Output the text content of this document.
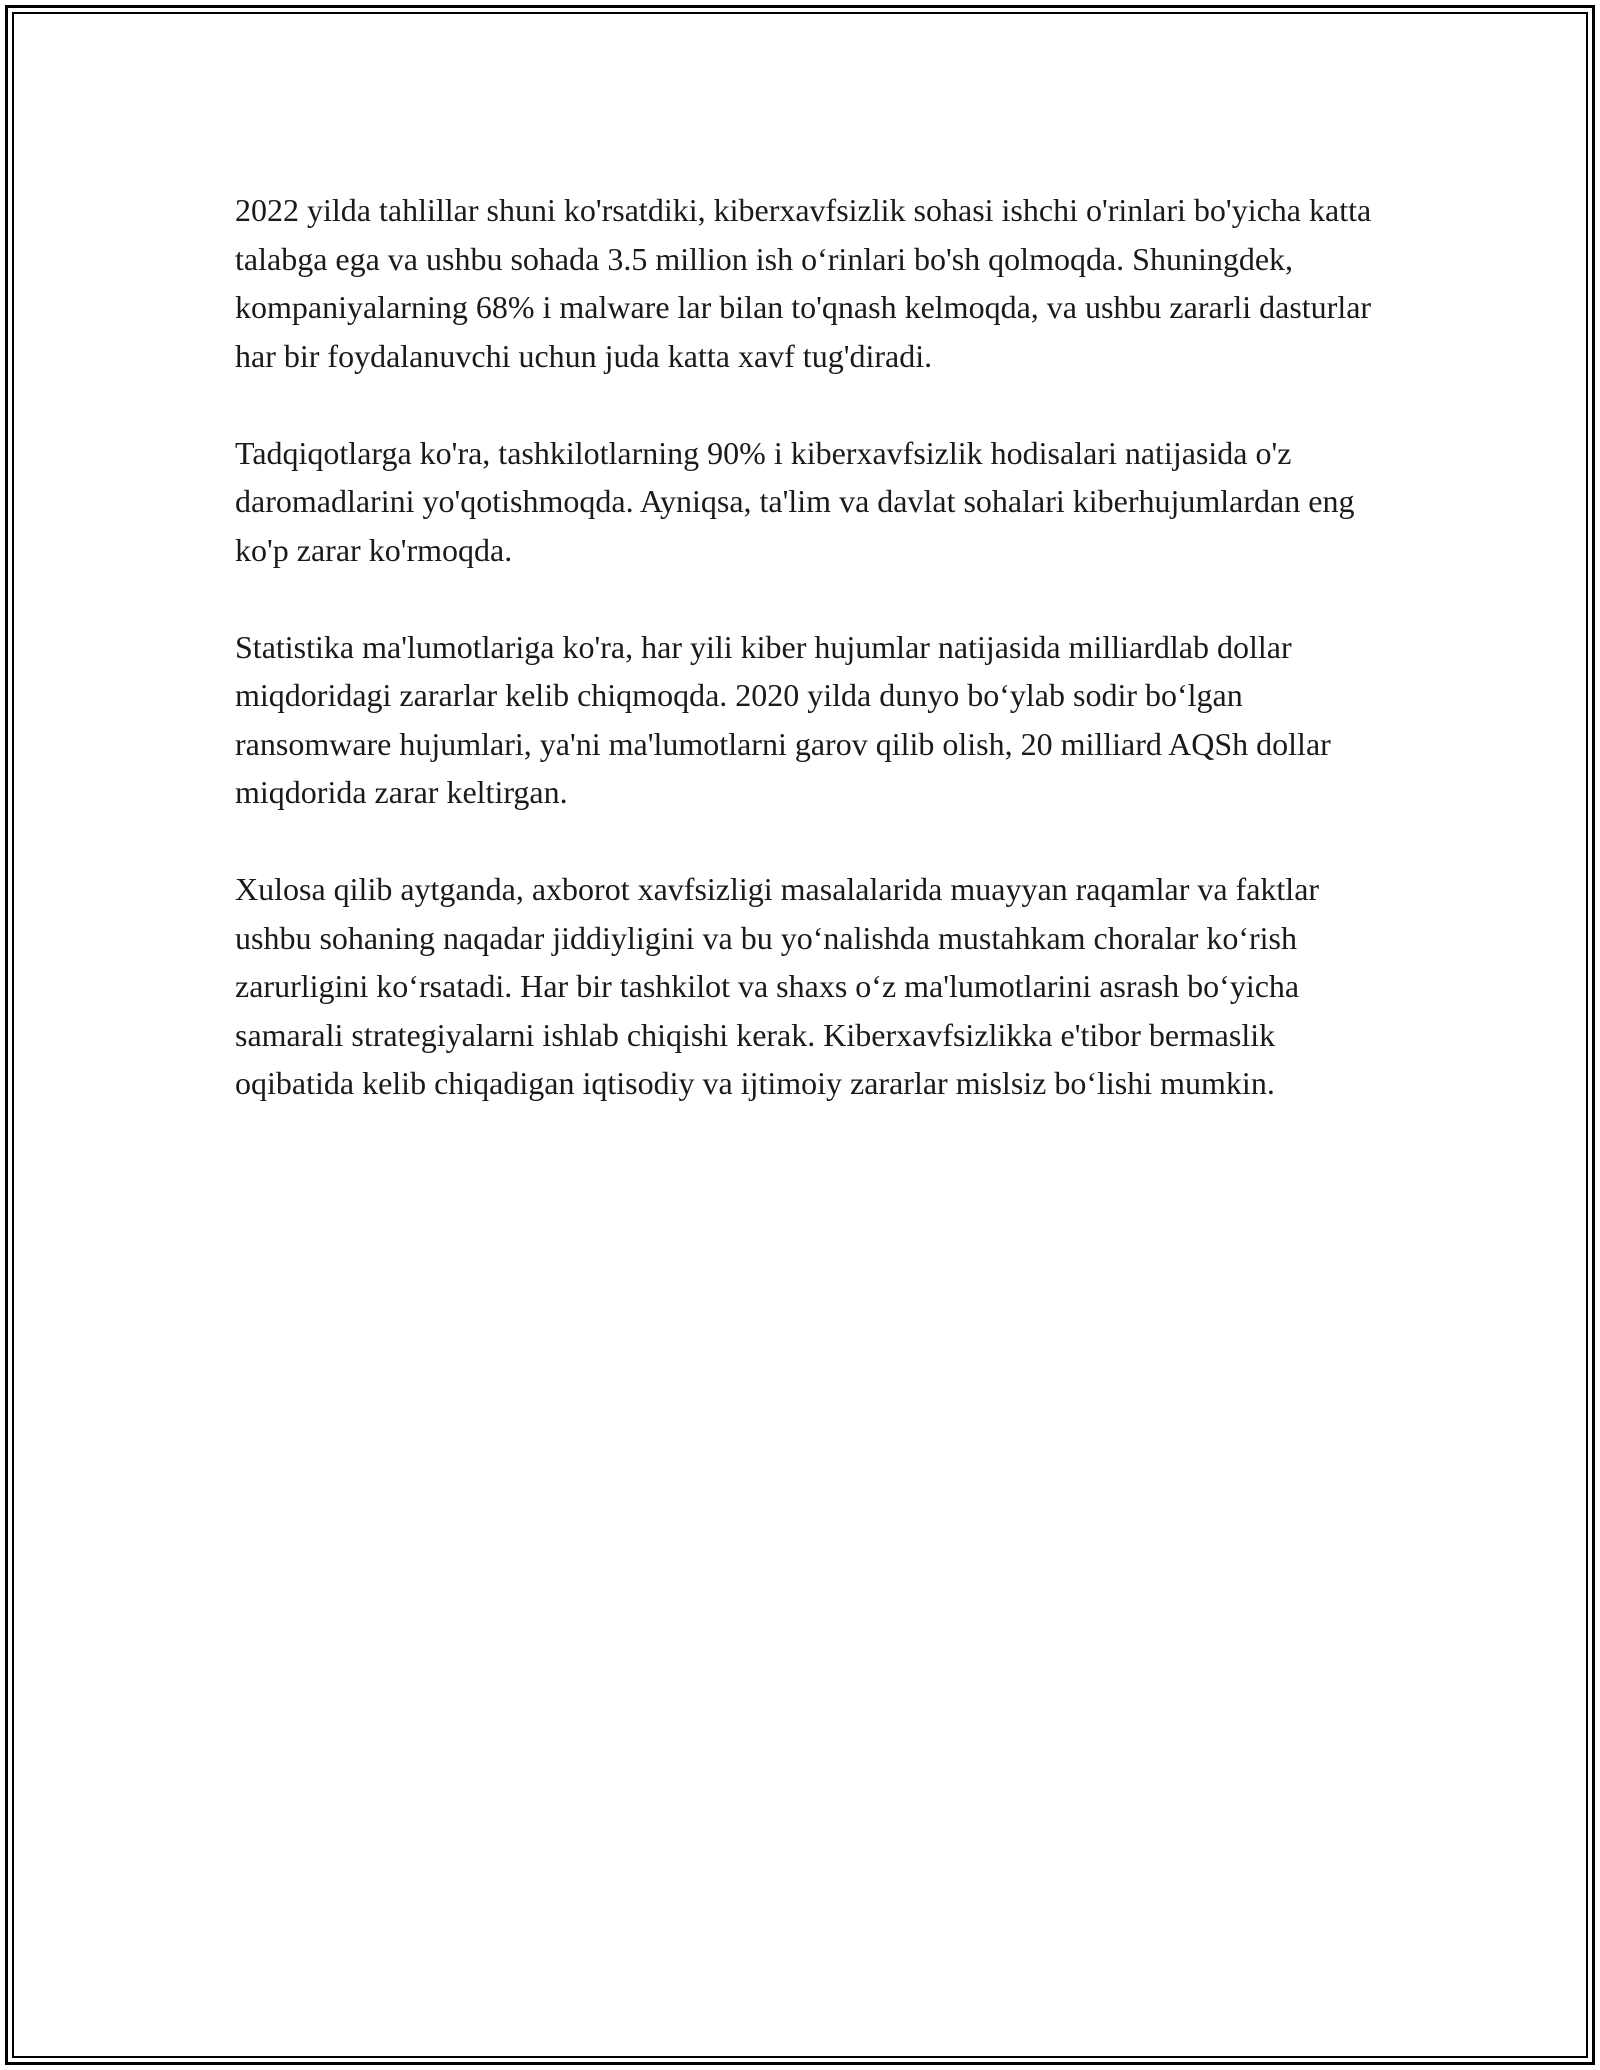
2022 yilda tahlillar shuni ko'rsatdiki, kiberxavfsizlik sohasi ishchi o'rinlari bo'yicha katta talabga ega va ushbu sohada 3.5 million ish o‘rinlari bo'sh qolmoqda. Shuningdek, kompaniyalarning 68% i malware lar bilan to'qnash kelmoqda, va ushbu zararli dasturlar har bir foydalanuvchi uchun juda katta xavf tug'diradi.

Tadqiqotlarga ko'ra, tashkilotlarning 90% i kiberxavfsizlik hodisalari natijasida o'z daromadlarini yo'qotishmoqda. Ayniqsa, ta'lim va davlat sohalari kiberhujumlardan eng ko'p zarar ko'rmoqda.

Statistika ma'lumotlariga ko'ra, har yili kiber hujumlar natijasida milliardlab dollar miqdoridagi zararlar kelib chiqmoqda. 2020 yilda dunyo bo‘ylab sodir bo‘lgan ransomware hujumlari, ya'ni ma'lumotlarni garov qilib olish, 20 milliard AQSh dollar miqdorida zarar keltirgan.

Xulosa qilib aytganda, axborot xavfsizligi masalalarida muayyan raqamlar va faktlar ushbu sohaning naqadar jiddiyligini va bu yo‘nalishda mustahkam choralar ko‘rish zarurligini ko‘rsatadi. Har bir tashkilot va shaxs o‘z ma'lumotlarini asrash bo‘yicha samarali strategiyalarni ishlab chiqishi kerak. Kiberxavfsizlikka e'tibor bermaslik oqibatida kelib chiqadigan iqtisodiy va ijtimoiy zararlar mislsiz bo‘lishi mumkin.
